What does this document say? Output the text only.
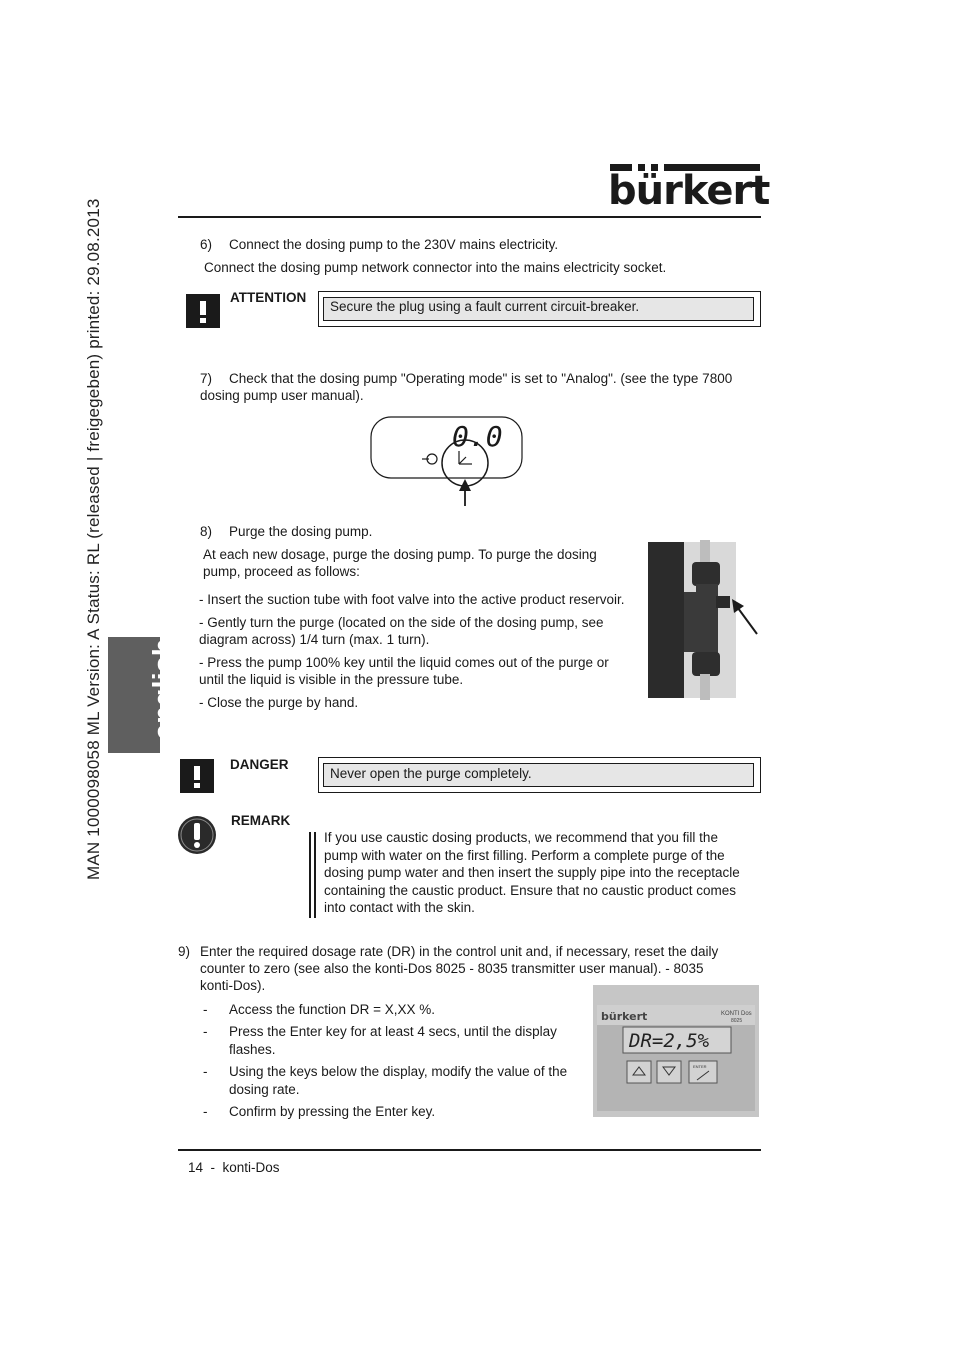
MAN 1000098058 ML Version: A Status: RL (released | freigegeben) printed: 29.08.2013 english
bürkert
6) Connect the dosing pump to the 230V mains electricity.
Connect the dosing pump network connector into the mains electricity socket.
ATTENTION
Secure the plug using a fault current circuit-breaker.
7) Check that the dosing pump "Operating mode" is set to "Analog". (see the type 7800
dosing pump user manual).
0.0
8) Purge the dosing pump.
At each new dosage, purge the dosing pump. To purge the dosing
pump, proceed as follows:
- Insert the suction tube with foot valve into the active product reservoir.
- Gently turn the purge (located on the side of the dosing pump, see
diagram across) 1/4 turn (max. 1 turn).
- Press the pump 100% key until the liquid comes out of the purge or
until the liquid is visible in the pressure tube.
- Close the purge by hand.
DANGER
Never open the purge completely.
REMARK
If you use caustic dosing products, we recommend that you fill the
pump with water on the first filling. Perform a complete purge of the
dosing pump water and then insert the supply pipe into the receptacle
containing the caustic product. Ensure that no caustic product comes
into contact with the skin.
9) Enter the required dosage rate (DR) in the control unit and, if necessary, reset the daily
counter to zero (see also the konti-Dos 8025 - 8035 transmitter user manual). - 8035
konti-Dos).
- Access the function DR = X,XX %.
- Press the Enter key for at least 4 secs, until the display
flashes.
- Using the keys below the display, modify the value of the
dosing rate.
- Confirm by pressing the Enter key.
bürkert	KONTI Dos
8025
DR=2,5%
ENTER
14  -  konti-Dos
